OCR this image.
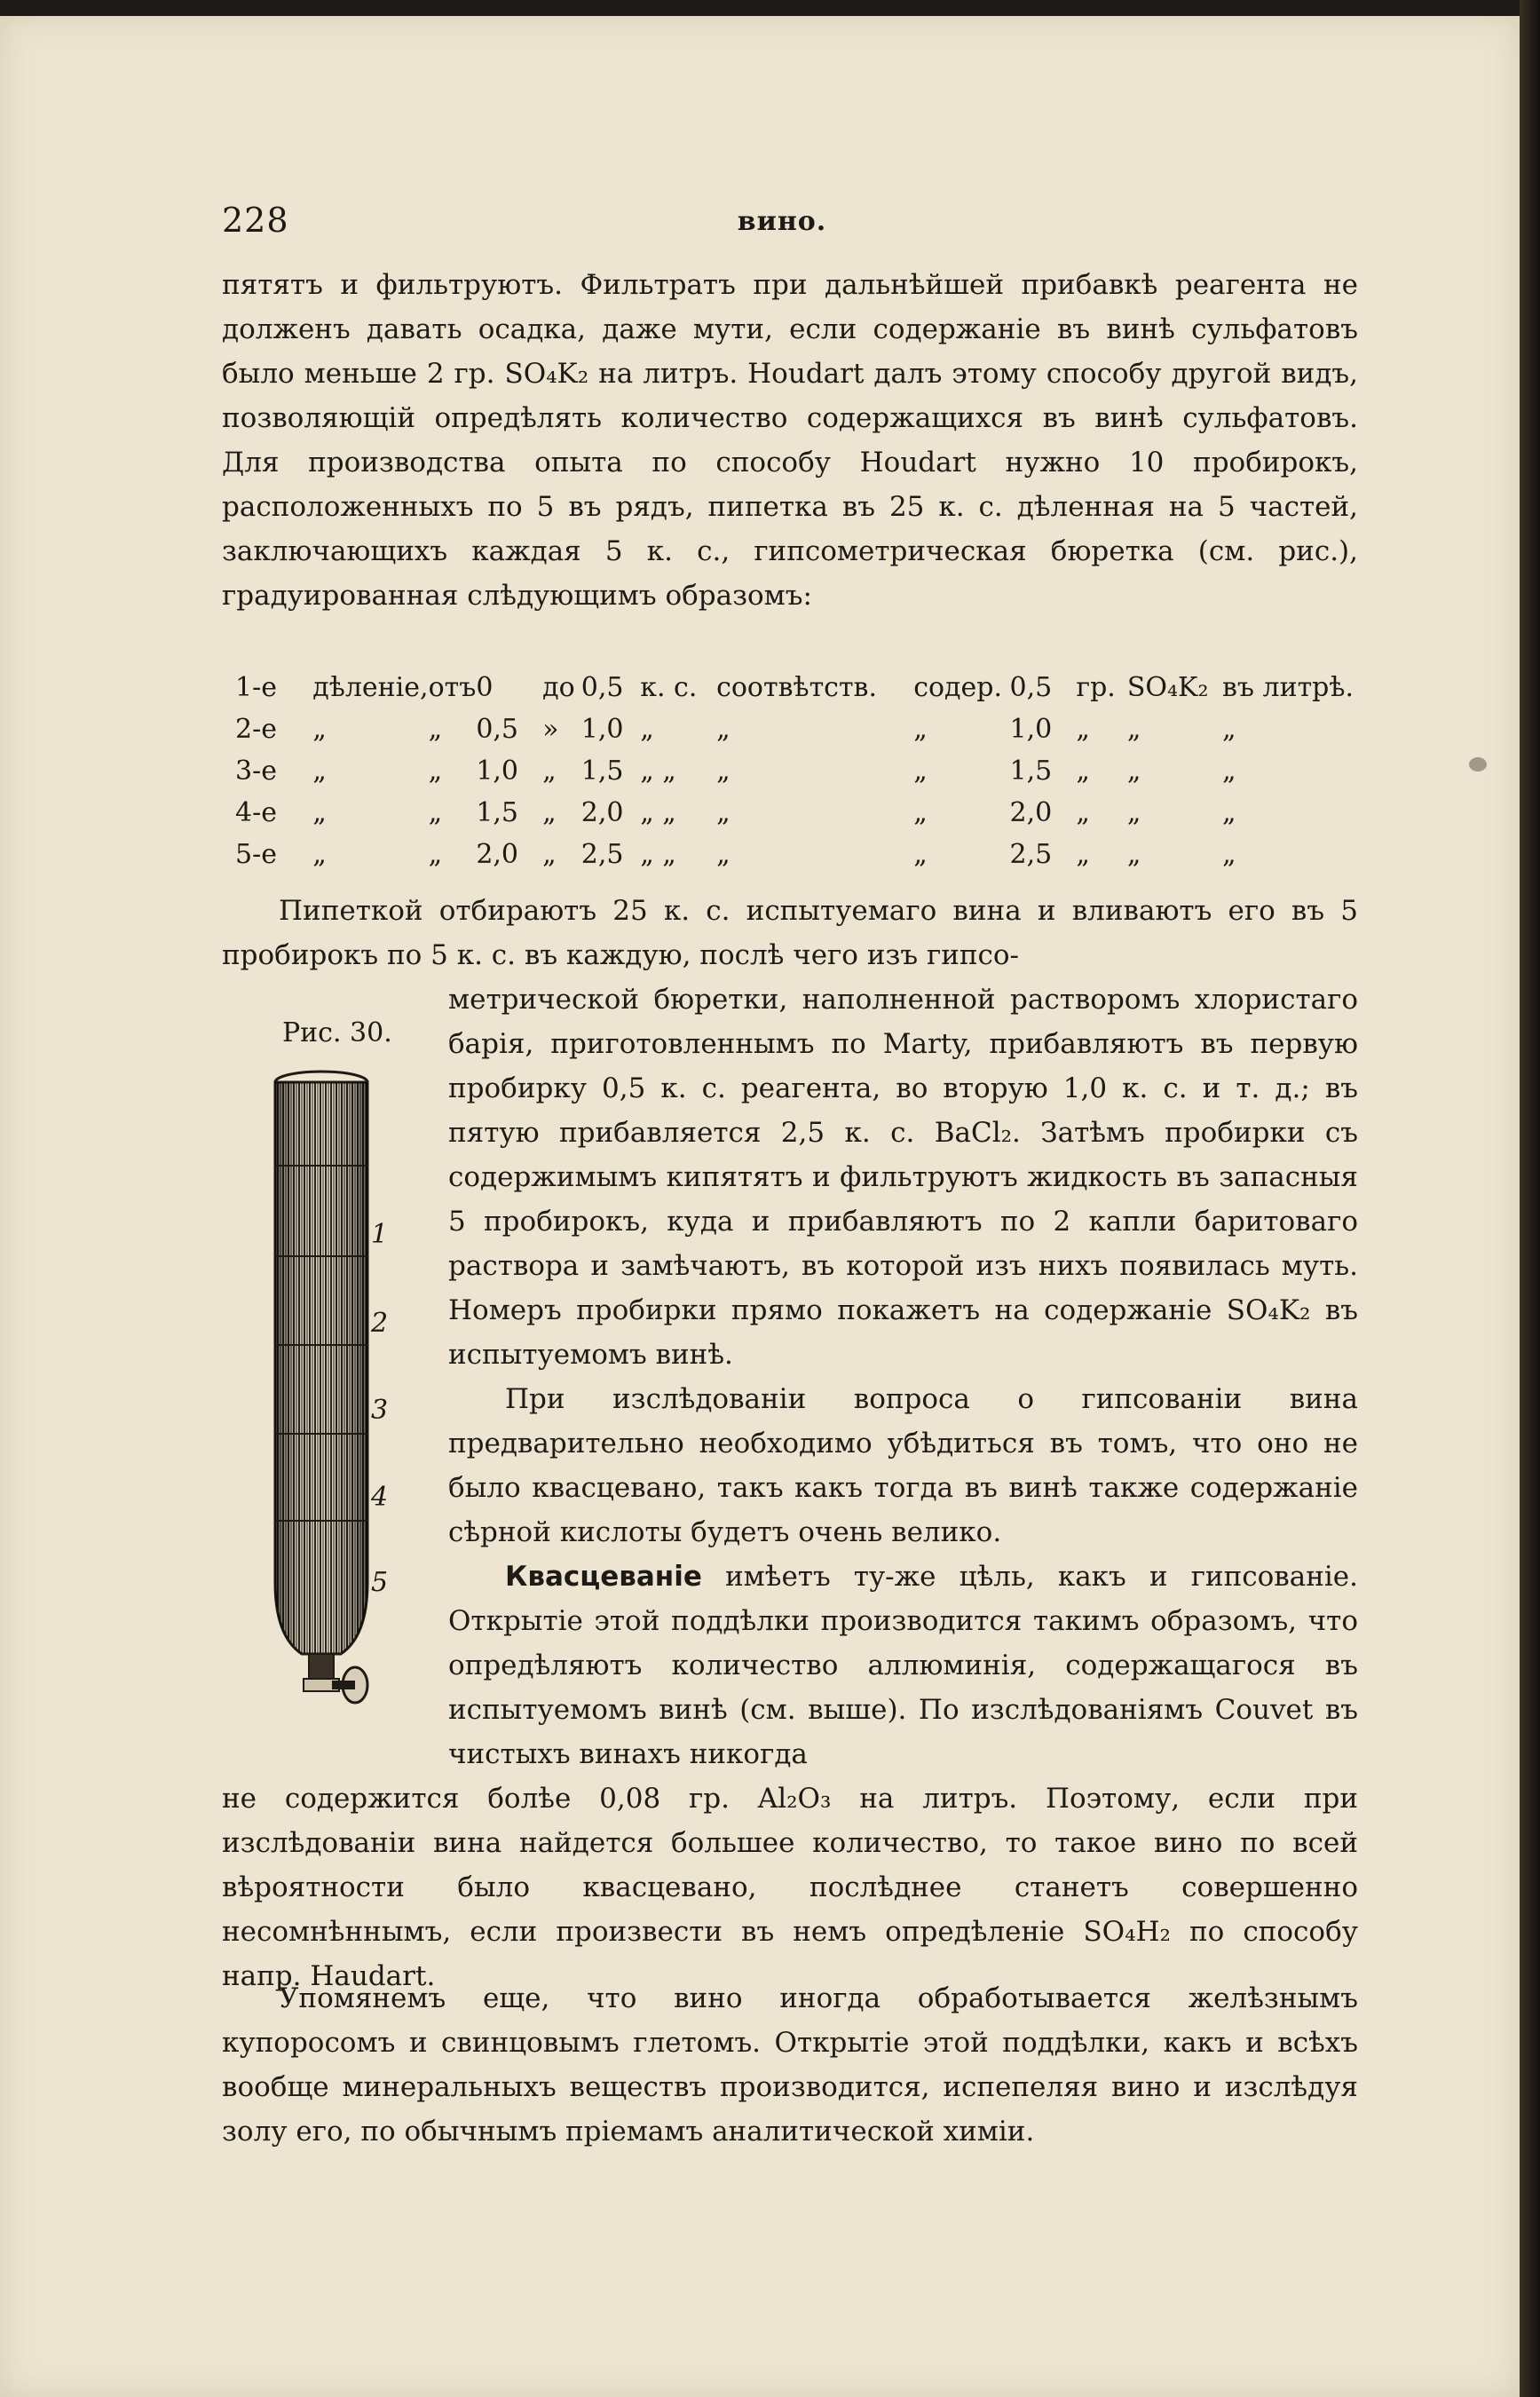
228	вино.
пятятъ и фильтруютъ. Фильтратъ при дальнѣйшей прибавкѣ реагента не долженъ давать осадка, даже мути, если содержаніе въ винѣ сульфатовъ было меньше 2 гр. SO₄K₂ на литръ. Houdart далъ этому способу другой видъ, позволяющій опредѣлять количество содержащихся въ винѣ сульфатовъ. Для производства опыта по способу Houdart нужно 10 пробирокъ, расположенныхъ по 5 въ рядъ, пипетка въ 25 к. с. дѣленная на 5 частей, заключающихъ каждая 5 к. с., гипсометрическая бюретка (см. рис.), градуированная слѣдующимъ образомъ:
1-е	дѣленіе,	отъ	0	до	0,5	к. с.	соотвѣтств.	содер.	0,5	гр.	SO₄K₂	въ литрѣ.
2-е	„	„	0,5	»	1,0	„	„	„	1,0	„	„	„
3-е	„	„	1,0	„	1,5	„ „	„	„	1,5	„	„	„
4-е	„	„	1,5	„	2,0	„ „	„	„	2,0	„	„	„
5-е	„	„	2,0	„	2,5	„ „	„	„	2,5	„	„	„
Пипеткой отбираютъ 25 к. с. испытуемаго вина и вливаютъ его въ 5 пробирокъ по 5 к. с. въ каждую, послѣ чего изъ гипсо-
Рис. 30.
1
2
3
4
5
метрической бюретки, наполненной растворомъ хлористаго барія, приготовленнымъ по Marty, прибавляютъ въ первую пробирку 0,5 к. с. реагента, во вторую 1,0 к. с. и т. д.; въ пятую прибавляется 2,5 к. с. BaCl₂. Затѣмъ пробирки съ содержимымъ кипятятъ и фильтруютъ жидкость въ запасныя 5 пробирокъ, куда и прибавляютъ по 2 капли баритоваго раствора и замѣчаютъ, въ которой изъ нихъ появилась муть. Номеръ пробирки прямо покажетъ на содержаніе SO₄K₂ въ испытуемомъ винѣ.
При изслѣдованіи вопроса о гипсованіи вина предварительно необходимо убѣдиться въ томъ, что оно не было квасцевано, такъ какъ тогда въ винѣ также содержаніе сѣрной кислоты будетъ очень велико.
Квасцеваніе имѣетъ ту-же цѣль, какъ и гипсованіе. Открытіе этой поддѣлки производится такимъ образомъ, что опредѣляютъ количество аллюминія, содержащагося въ испытуемомъ винѣ (см. выше). По изслѣдованіямъ Couvet въ чистыхъ винахъ никогда
не содержится болѣе 0,08 гр. Al₂O₃ на литръ. Поэтому, если при изслѣдованіи вина найдется большее количество, то такое вино по всей вѣроятности было квасцевано, послѣднее станетъ совершенно несомнѣннымъ, если произвести въ немъ опредѣленіе SO₄H₂ по способу напр. Haudart.
Упомянемъ еще, что вино иногда обработывается желѣзнымъ купоросомъ и свинцовымъ глетомъ. Открытіе этой поддѣлки, какъ и всѣхъ вообще минеральныхъ веществъ производится, испепеляя вино и изслѣдуя золу его, по обычнымъ пріемамъ аналитической химіи.
